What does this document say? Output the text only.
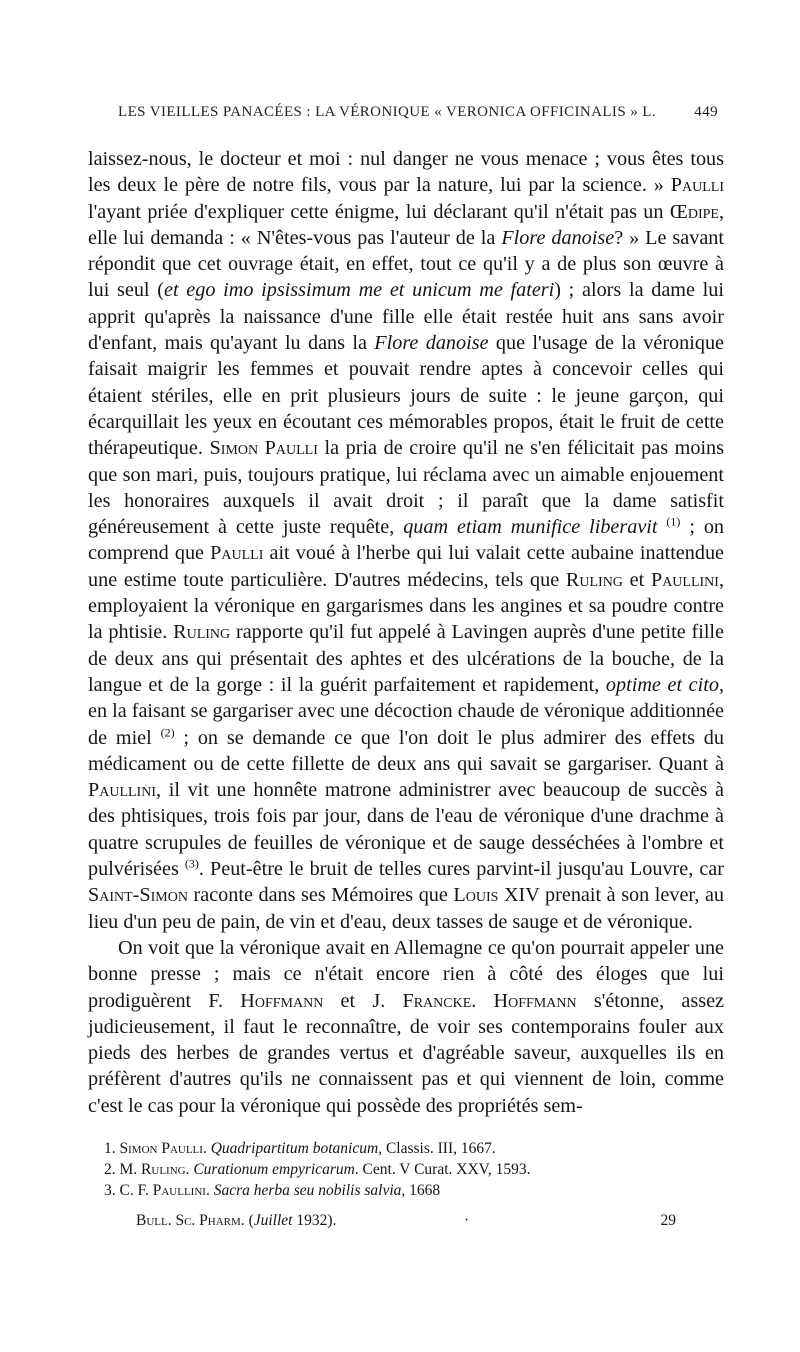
LES VIEILLES PANACÉES : LA VÉRONIQUE « VERONICA OFFICINALIS » L.	449

laissez-nous, le docteur et moi : nul danger ne vous menace ; vous êtes tous les deux le père de notre fils, vous par la nature, lui par la science. » Paulli l'ayant priée d'expliquer cette énigme, lui déclarant qu'il n'était pas un Œdipe, elle lui demanda : « N'êtes-vous pas l'auteur de la Flore danoise? » Le savant répondit que cet ouvrage était, en effet, tout ce qu'il y a de plus son œuvre à lui seul (et ego imo ipsissimum me et unicum me fateri) ; alors la dame lui apprit qu'après la naissance d'une fille elle était restée huit ans sans avoir d'enfant, mais qu'ayant lu dans la Flore danoise que l'usage de la véronique faisait maigrir les femmes et pouvait rendre aptes à concevoir celles qui étaient stériles, elle en prit plusieurs jours de suite : le jeune garçon, qui écarquillait les yeux en écoutant ces mémorables propos, était le fruit de cette thérapeutique. Simon Paulli la pria de croire qu'il ne s'en félicitait pas moins que son mari, puis, toujours pratique, lui réclama avec un aimable enjouement les honoraires auxquels il avait droit ; il paraît que la dame satisfit généreusement à cette juste requête, quam etiam munifice liberavit $^{(1)}$ ; on comprend que Paulli ait voué à l'herbe qui lui valait cette aubaine inattendue une estime toute particulière. D'autres médecins, tels que Ruling et Paullini, employaient la véronique en gargarismes dans les angines et sa poudre contre la phtisie. Ruling rapporte qu'il fut appelé à Lavingen auprès d'une petite fille de deux ans qui présentait des aphtes et des ulcérations de la bouche, de la langue et de la gorge : il la guérit parfaitement et rapidement, optime et cito, en la faisant se gargariser avec une décoction chaude de véronique additionnée de miel $^{(2)}$ ; on se demande ce que l'on doit le plus admirer des effets du médicament ou de cette fillette de deux ans qui savait se gargariser. Quant à Paullini, il vit une honnête matrone administrer avec beaucoup de succès à des phtisiques, trois fois par jour, dans de l'eau de véronique d'une drachme à quatre scrupules de feuilles de véronique et de sauge desséchées à l'ombre et pulvérisées $^{(3)}$. Peut-être le bruit de telles cures parvint-il jusqu'au Louvre, car Saint-Simon raconte dans ses Mémoires que Louis XIV prenait à son lever, au lieu d'un peu de pain, de vin et d'eau, deux tasses de sauge et de véronique.

On voit que la véronique avait en Allemagne ce qu'on pourrait appeler une bonne presse ; mais ce n'était encore rien à côté des éloges que lui prodiguèrent F. Hoffmann et J. Francke. Hoffmann s'étonne, assez judicieusement, il faut le reconnaître, de voir ses contemporains fouler aux pieds des herbes de grandes vertus et d'agréable saveur, auxquelles ils en préfèrent d'autres qu'ils ne connaissent pas et qui viennent de loin, comme c'est le cas pour la véronique qui possède des propriétés sem-

1. Simon Paulli. Quadripartitum botanicum, Classis. III, 1667.
2. M. Ruling. Curationum empyricarum. Cent. V Curat. XXV, 1593.
3. C. F. Paullini. Sacra herba seu nobilis salvia, 1668
Bull. Sc. Pharm. (Juillet 1932).	·	29
